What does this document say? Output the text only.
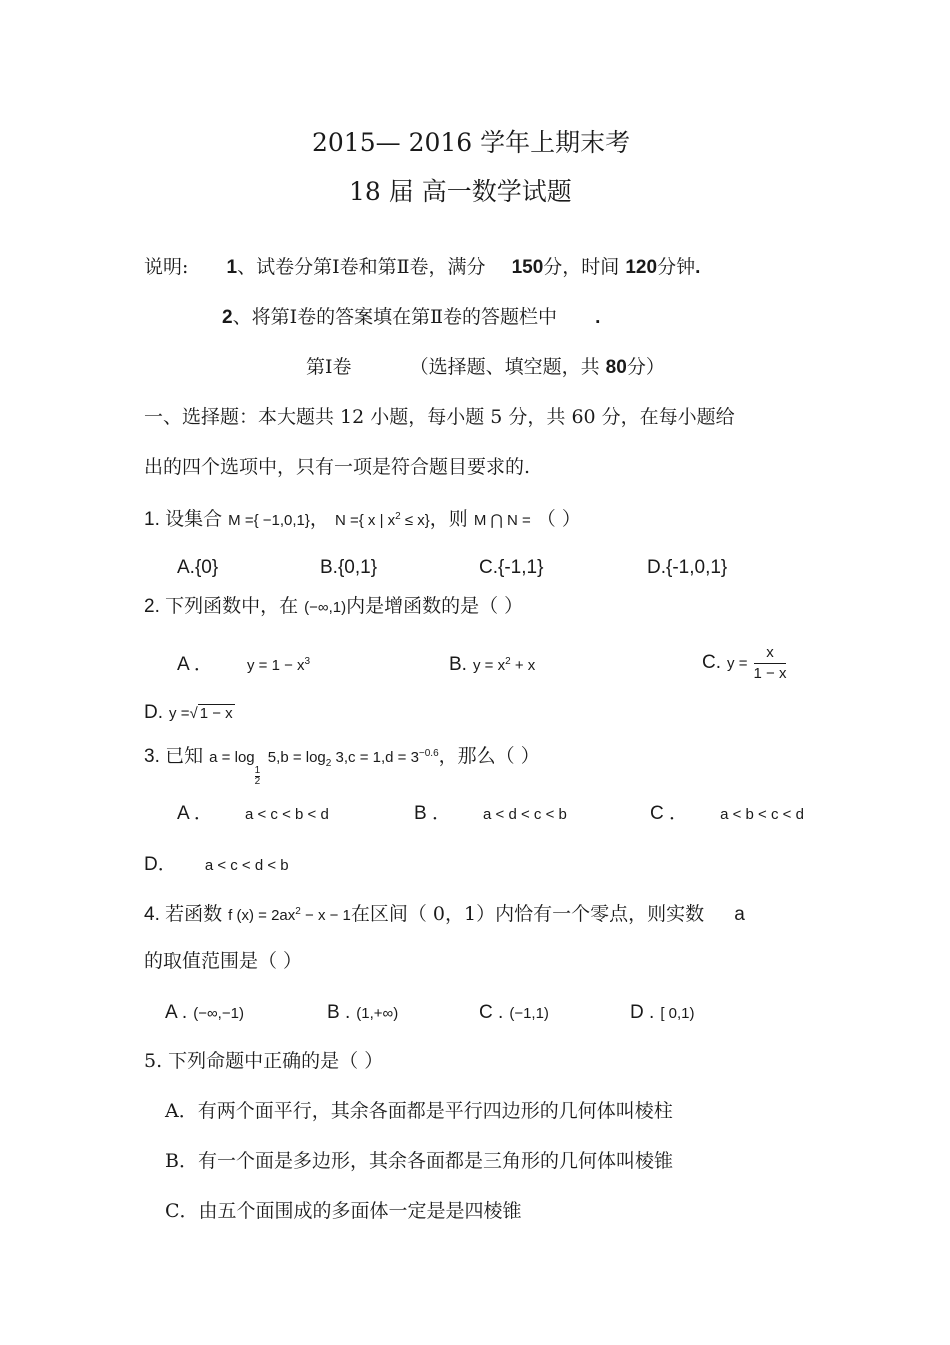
2015— 2016 学年上期末考
18 届 高一数学试题
说明: 1、试卷分第Ⅰ卷和第Ⅱ卷，满分 150分，时间 120分钟.
2、将第Ⅰ卷的答案填在第Ⅱ卷的答题栏中 .
第Ⅰ卷	（选择题、填空题，共 80分）
一、选择题：本大题共 12 小题，每小题 5 分，共 60 分，在每小题给
出的四个选项中，只有一项是符合题目要求的.
1. 设集合 M ={ −1,0,1}， N ={ x | $x^2 \le x$}，则 M ⋂ N = （ ）
A.{0}	B.{0,1}	C.{-1,1}	D.{-1,0,1}
2. 下列函数中，在 (−∞,1)内是增函数的是（ ）
A ． $y = 1 - x^3$	B. $y = x^2 + x$	C. $y = \frac{x}{1 - x}$
D. y =√ 1 − x
3. 已知 a = log
$\frac{1}{2}$
$5,b = \log_2 3,c = 1,d = 3^{-0.6}$，那么（ ）
A ． a < c < b < d	B ． a < d < c < b	C ． a < b < c < d
D． a < c < d < b
4. 若函数 f $(x) = 2ax^2 - x - 1$在区间（ 0，1）内恰有一个零点，则实数 a
的取值范围是（ ）
A . (−∞,−1)	B . (1,+∞)	C . (−1,1)	D . [ 0,1)
5. 下列命题中正确的是（ ）
A．有两个面平行，其余各面都是平行四边形的几何体叫棱柱
B．有一个面是多边形，其余各面都是三角形的几何体叫棱锥
C．由五个面围成的多面体一定是是四棱锥
